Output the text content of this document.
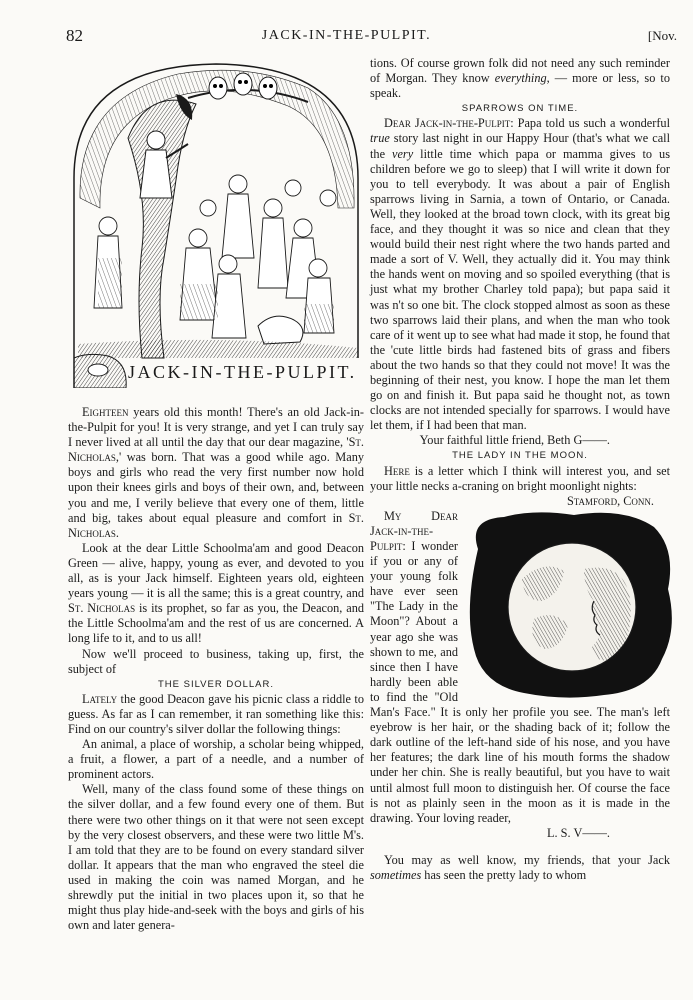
82	JACK-IN-THE-PULPIT.	[Nov.
JACK-IN-THE-PULPIT.

Eighteen years old this month! There's an old Jack-in-the-Pulpit for you! It is very strange, and yet I can truly say I never lived at all until the day that our dear magazine, 'St. Nicholas,' was born. That was a good while ago. Many boys and girls who read the very first number now hold upon their knees girls and boys of their own, and, between you and me, I verily believe that every one of them, little and big, takes about equal pleasure and comfort in St. Nicholas.

Look at the dear Little Schoolma'am and good Deacon Green — alive, happy, young as ever, and devoted to you all, as is your Jack himself. Eighteen years old, eighteen years young — it is all the same; this is a great country, and St. Nicholas is its prophet, so far as you, the Deacon, and the Little Schoolma'am and the rest of us are concerned. A long life to it, and to us all!

Now we'll proceed to business, taking up, first, the subject of

THE SILVER DOLLAR.

Lately the good Deacon gave his picnic class a riddle to guess. As far as I can remember, it ran something like this: Find on our country's silver dollar the following things:

An animal, a place of worship, a scholar being whipped, a fruit, a flower, a part of a needle, and a number of prominent actors.

Well, many of the class found some of these things on the silver dollar, and a few found every one of them. But there were two other things on it that were not seen except by the very closest observers, and these were two little M's. I am told that they are to be found on every standard silver dollar. It appears that the man who engraved the steel die used in making the coin was named Morgan, and he shrewdly put the initial in two places upon it, so that he might thus play hide-and-seek with the boys and girls of his own and later genera-

tions. Of course grown folk did not need any such reminder of Morgan. They know everything, — more or less, so to speak.

SPARROWS ON TIME.

Dear Jack-in-the-Pulpit: Papa told us such a wonderful true story last night in our Happy Hour (that's what we call the very little time which papa or mamma gives to us children before we go to sleep) that I will write it down for you to tell everybody. It was about a pair of English sparrows living in Sarnia, a town of Ontario, or Canada. Well, they looked at the broad town clock, with its great big face, and they thought it was so nice and clean that they would build their nest right where the two hands parted and made a sort of V. Well, they actually did it. You may think the hands went on moving and so spoiled everything (that is just what my brother Charley told papa); but papa said it was n't so one bit. The clock stopped almost as soon as these two sparrows laid their plans, and when the man who took care of it went up to see what had made it stop, he found that the 'cute little birds had fastened bits of grass and fibers about the two hands so that they could not move! It was the beginning of their nest, you know. I hope the man let them go on and finish it. But papa said he thought not, as town clocks are not intended specially for sparrows. I would have let them, if I had been that man.

Your faithful little friend, Beth G——.

THE LADY IN THE MOON.

Here is a letter which I think will interest you, and set your little necks a-craning on bright moonlight nights:

Stamford, Conn.

My Dear Jack-in-the-Pulpit: I wonder if you or any of your young folk have ever seen "The Lady in the Moon"? About a year ago she was shown to me, and since then I have hardly been able to find the "Old Man's Face." It is only her profile you see. The man's left eyebrow is her hair, or the shading back of it; follow the dark outline of the left-hand side of his nose, and you have her features; the dark line of his mouth forms the shadow under her chin. She is really beautiful, but you have to wait until almost full moon to distinguish her. Of course the face is not as plainly seen in the moon as it is made in the drawing. Your loving reader,

L. S. V——.

You may as well know, my friends, that your Jack sometimes has seen the pretty lady to whom
